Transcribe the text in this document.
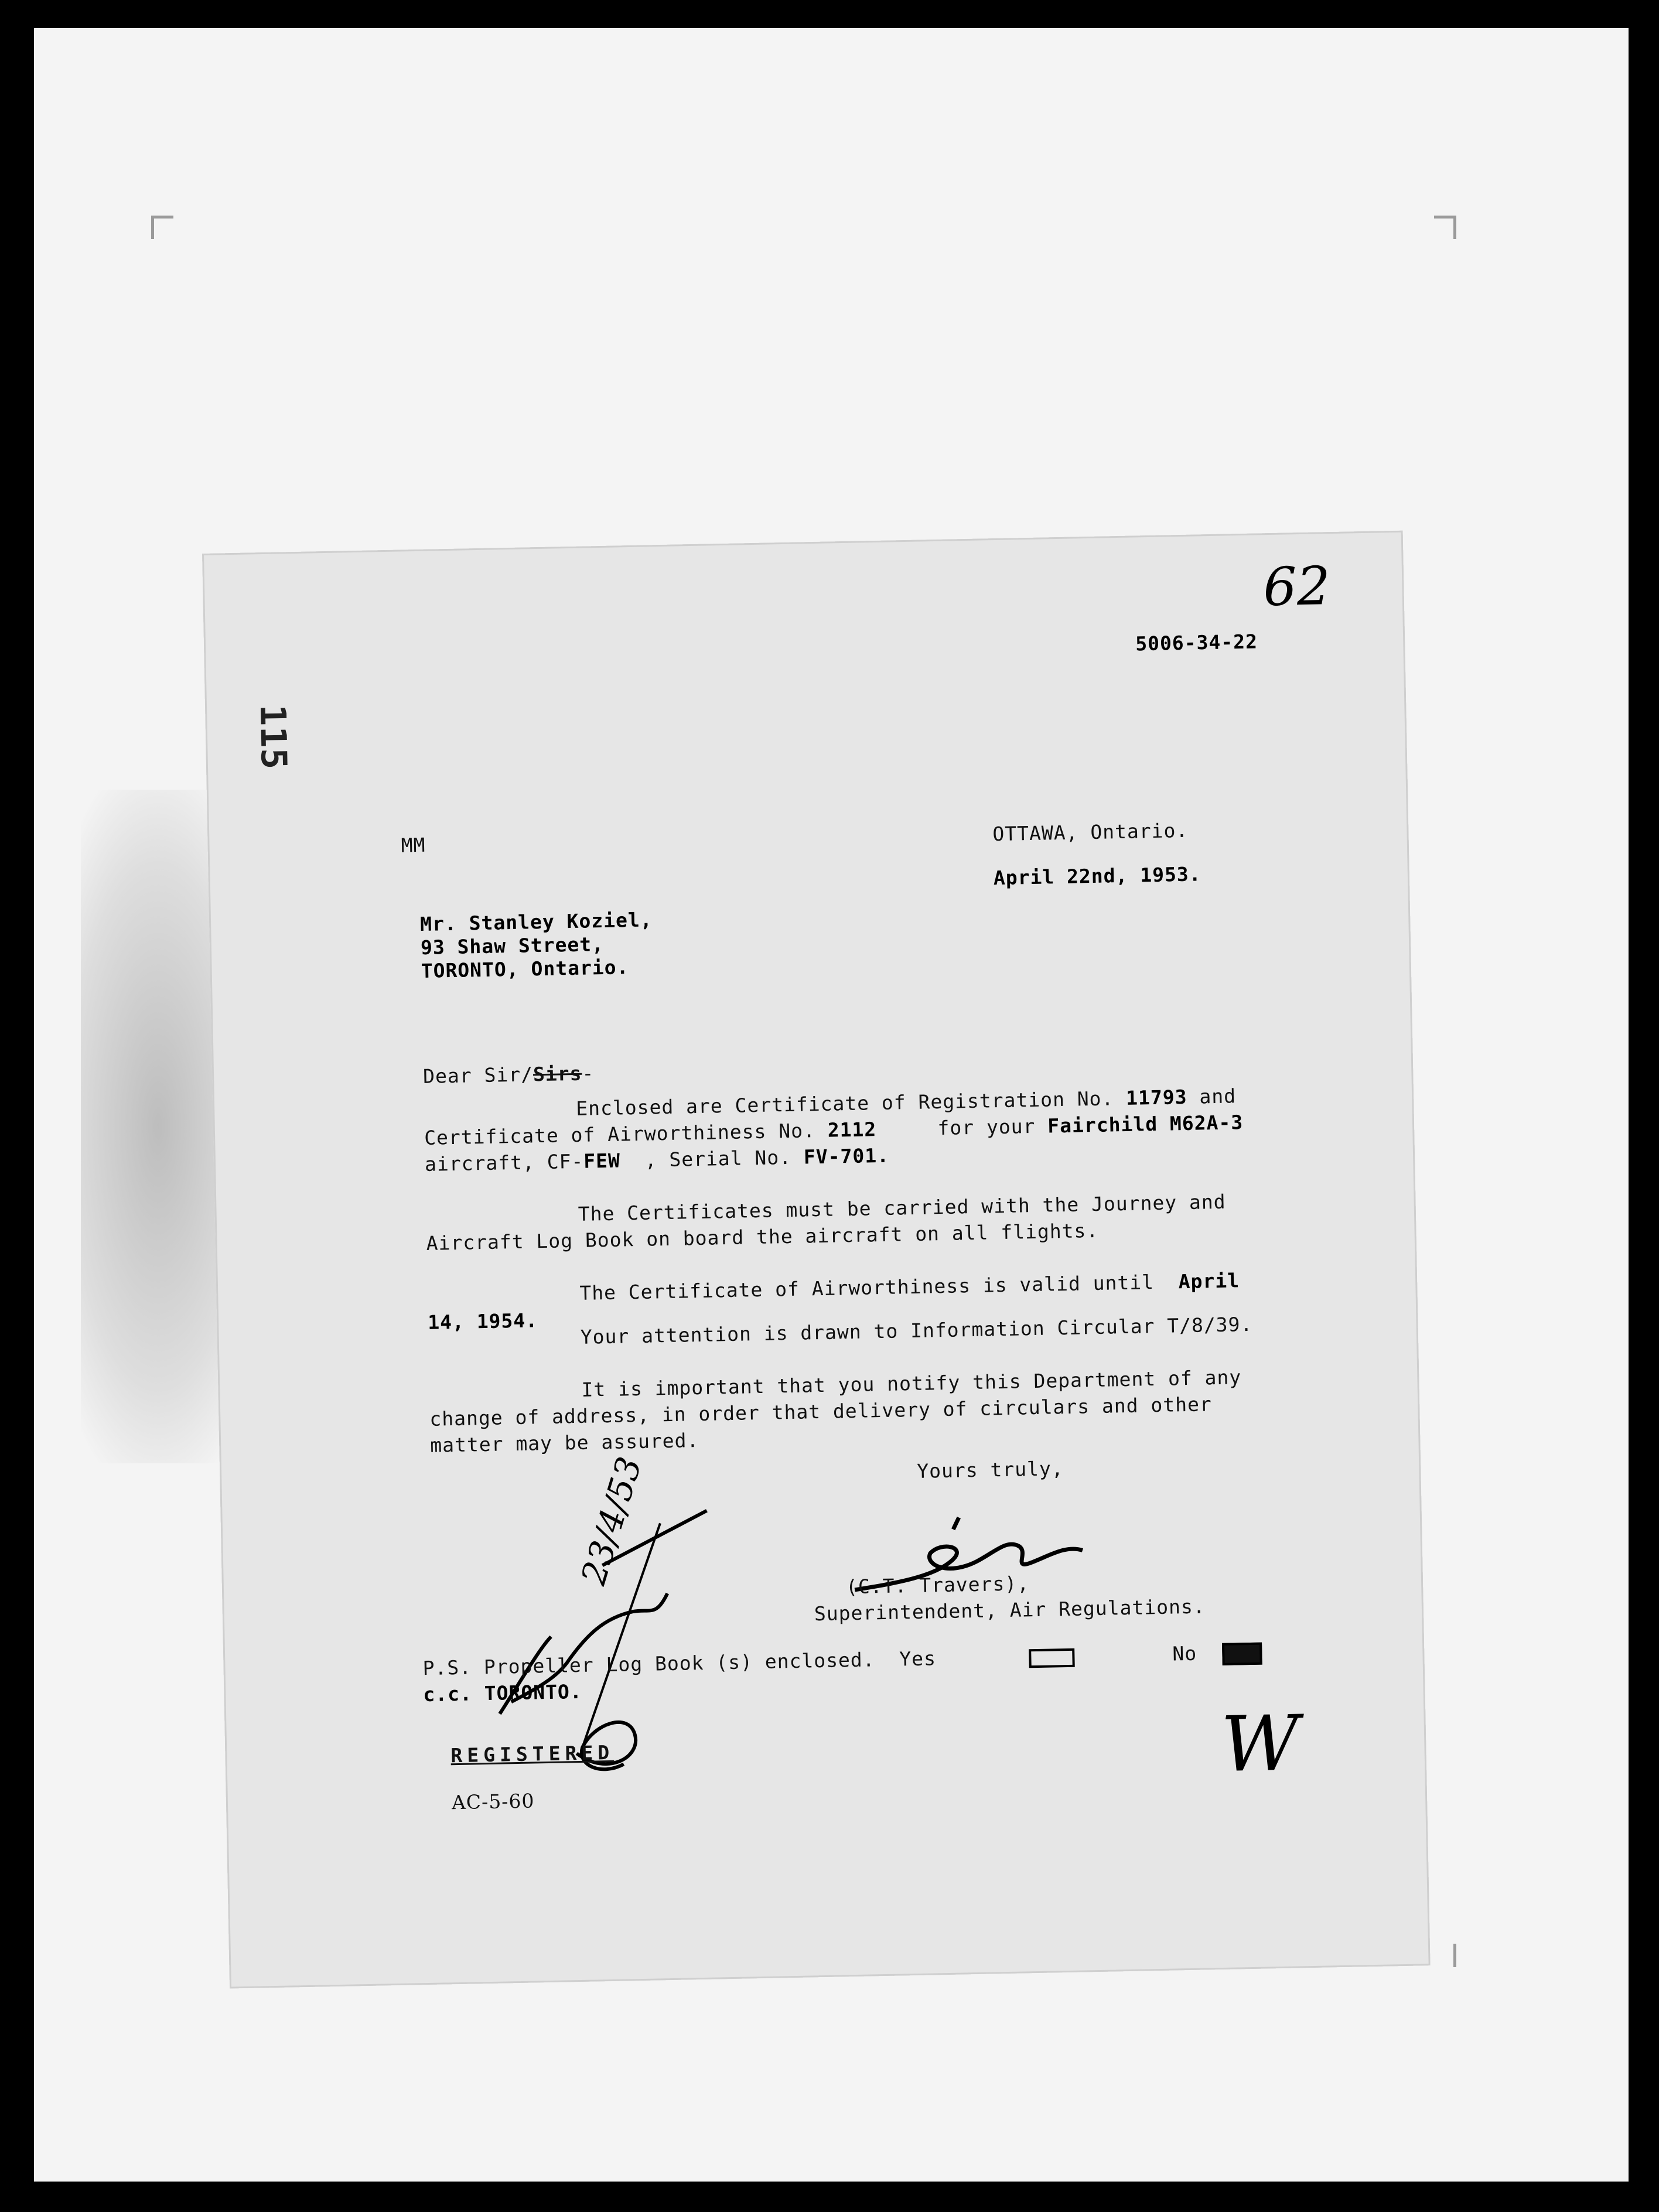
62
5006-34-22
115
MM	OTTAWA, Ontario.
April 22nd, 1953.
Mr. Stanley Koziel,
93 Shaw Street,
TORONTO, Ontario.
Dear Sir/Sirs-
Enclosed are Certificate of Registration No. 11793 and
Certificate of Airworthiness No. 2112	for your Fairchild M62A-3
aircraft, CF-FEW , Serial No. FV-701.
The Certificates must be carried with the Journey and
Aircraft Log Book on board the aircraft on all flights.
The Certificate of Airworthiness is valid until April
14, 1954. Your attention is drawn to Information Circular T/8/39.
It is important that you notify this Department of any
change of address, in order that delivery of circulars and other
matter may be assured.
Yours truly,
23/4/53	(C.T. Travers),
Superintendent, Air Regulations.
P.S. Propeller Log Book (s) enclosed. Yes	No
c.c. TORONTO.
REGISTERED	W
AC-5-60
